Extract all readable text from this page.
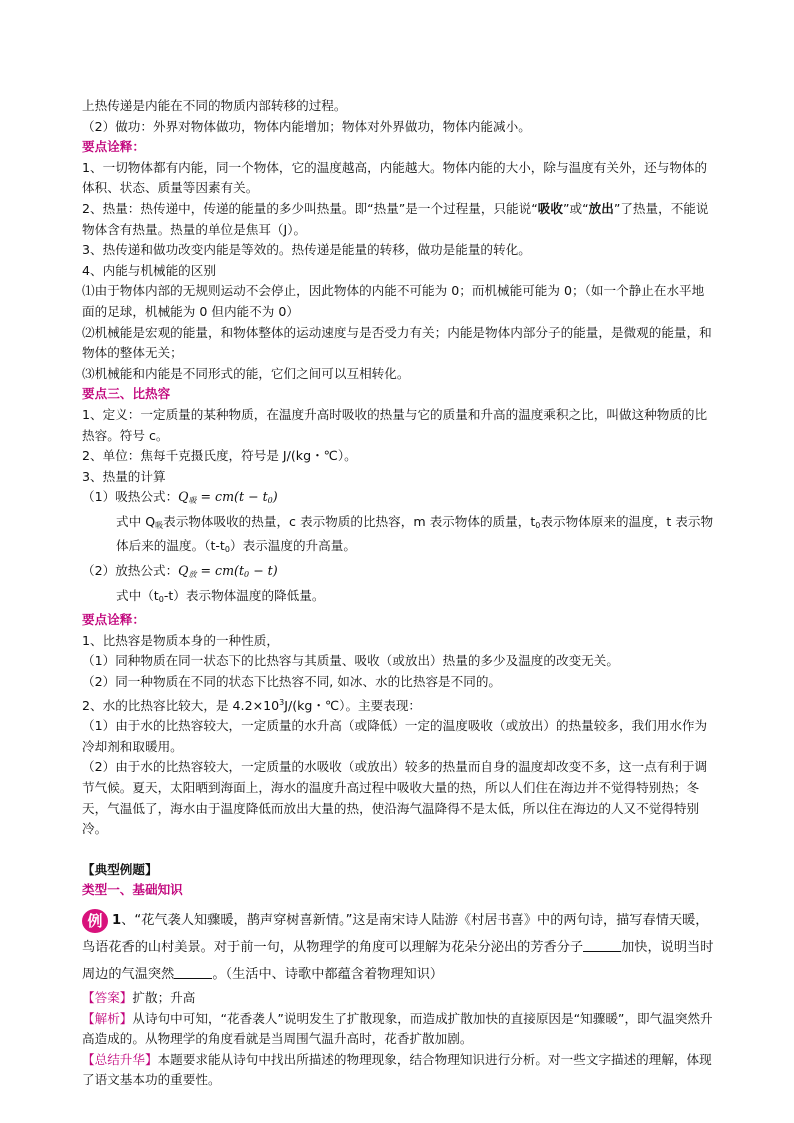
上热传递是内能在不同的物质内部转移的过程。

（2）做功：外界对物体做功，物体内能增加；物体对外界做功，物体内能减小。

要点诠释：

1、一切物体都有内能，同一个物体，它的温度越高，内能越大。物体内能的大小，除与温度有关外，还与物体的体积、状态、质量等因素有关。

2、热量：热传递中，传递的能量的多少叫热量。即“热量”是一个过程量，只能说“吸收”或“放出”了热量，不能说物体含有热量。热量的单位是焦耳（J）。

3、热传递和做功改变内能是等效的。热传递是能量的转移，做功是能量的转化。

4、内能与机械能的区别

⑴由于物体内部的无规则运动不会停止，因此物体的内能不可能为 0；而机械能可能为 0；（如一个静止在水平地面的足球，机械能为 0 但内能不为 0）

⑵机械能是宏观的能量，和物体整体的运动速度与是否受力有关；内能是物体内部分子的能量，是微观的能量，和物体的整体无关；

⑶机械能和内能是不同形式的能，它们之间可以互相转化。

要点三、比热容

1、定义：一定质量的某种物质，在温度升高时吸收的热量与它的质量和升高的温度乘积之比，叫做这种物质的比热容。符号 c。

2、单位：焦每千克摄氏度，符号是 J/(kg・℃）。

3、热量的计算

（1）吸热公式：$Q_吸 = cm(t - t_0)$

式中 $Q_吸$表示物体吸收的热量，c 表示物质的比热容，m 表示物体的质量，$t_0$表示物体原来的温度，t 表示物体后来的温度。$(t-t_0)$表示温度的升高量。

（2）放热公式：$Q_放 = cm(t_0 - t)$

式中$(t_0-t)$表示物体温度的降低量。

要点诠释：

1、比热容是物质本身的一种性质，

（1）同种物质在同一状态下的比热容与其质量、吸收（或放出）热量的多少及温度的改变无关。

（2）同一种物质在不同的状态下比热容不同, 如冰、水的比热容是不同的。

2、水的比热容比较大，是 $4.2\times 10^3J/(kg$・℃）。主要表现：

（1）由于水的比热容较大，一定质量的水升高（或降低）一定的温度吸收（或放出）的热量较多，我们用水作为冷却剂和取暖用。

（2）由于水的比热容较大，一定质量的水吸收（或放出）较多的热量而自身的温度却改变不多，这一点有利于调节气候。夏天，太阳晒到海面上，海水的温度升高过程中吸收大量的热，所以人们住在海边并不觉得特别热；冬天，气温低了，海水由于温度降低而放出大量的热，使沿海气温降得不是太低，所以住在海边的人又不觉得特别冷。

【典型例题】

类型一、基础知识

例 1、“花气袭人知骤暖，鹊声穿树喜新情。”这是南宋诗人陆游《村居书喜》中的两句诗，描写春情天暖，鸟语花香的山村美景。对于前一句，从物理学的角度可以理解为花朵分泌出的芳香分子	加快，说明当时周边的气温突然	。（生活中、诗歌中都蕴含着物理知识）

【答案】扩散；升高

【解析】从诗句中可知，“花香袭人”说明发生了扩散现象，而造成扩散加快的直接原因是“知骤暖”，即气温突然升高造成的。从物理学的角度看就是当周围气温升高时，花香扩散加剧。

【总结升华】本题要求能从诗句中找出所描述的物理现象，结合物理知识进行分析。对一些文字描述的理解，体现了语文基本功的重要性。
